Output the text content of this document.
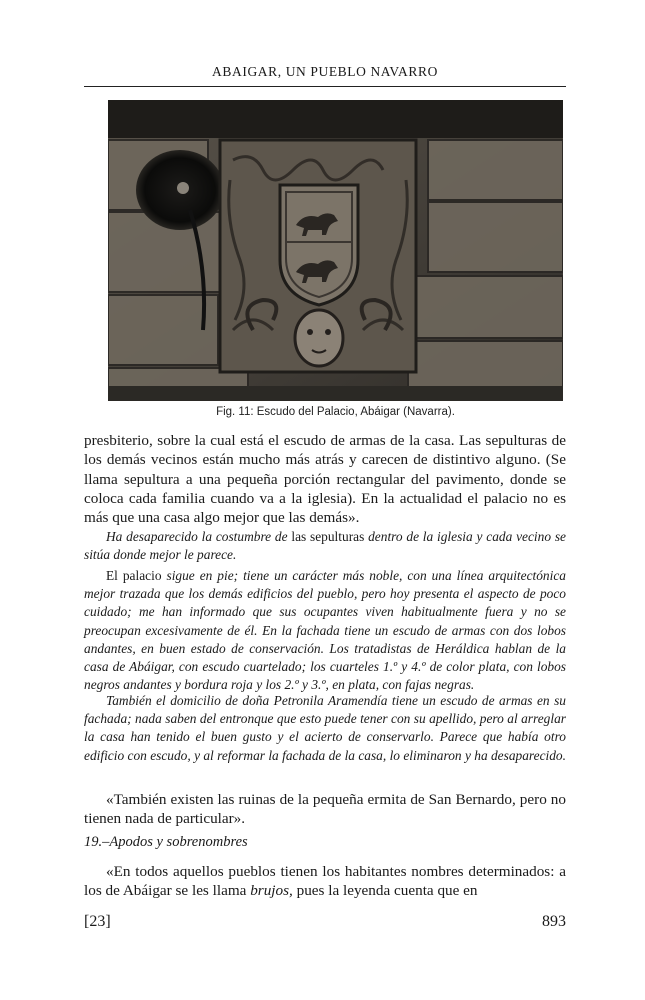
ABAIGAR, UN PUEBLO NAVARRO
Fig. 11: Escudo del Palacio, Abáigar (Navarra).

presbiterio, sobre la cual está el escudo de armas de la casa. Las sepulturas de los demás vecinos están mucho más atrás y carecen de distintivo alguno. (Se llama sepultura a una pequeña porción rectangular del pavimento, donde se coloca cada familia cuando va a la iglesia). En la actualidad el palacio no es más que una casa algo mejor que las demás».

Ha desaparecido la costumbre de las sepulturas dentro de la iglesia y cada vecino se sitúa donde mejor le parece.

El palacio sigue en pie; tiene un carácter más noble, con una línea arquitectónica mejor trazada que los demás edificios del pueblo, pero hoy presenta el aspecto de poco cuidado; me han informado que sus ocupantes viven habitualmente fuera y no se preocupan excesivamente de él. En la fachada tiene un escudo de armas con dos lobos andantes, en buen estado de conservación. Los tratadistas de Heráldica hablan de la casa de Abáigar, con escudo cuartelado; los cuarteles 1.º y 4.º de color plata, con lobos negros andantes y bordura roja y los 2.º y 3.º, en plata, con fajas negras.

También el domicilio de doña Petronila Aramendía tiene un escudo de armas en su fachada; nada saben del entronque que esto puede tener con su apellido, pero al arreglar la casa han tenido el buen gusto y el acierto de conservarlo. Parece que había otro edificio con escudo, y al reformar la fachada de la casa, lo eliminaron y ha desaparecido.

«También existen las ruinas de la pequeña ermita de San Bernardo, pero no tienen nada de particular».

19.–Apodos y sobrenombres

«En todos aquellos pueblos tienen los habitantes nombres determinados: a los de Abáigar se les llama brujos, pues la leyenda cuenta que en

[23]	893
